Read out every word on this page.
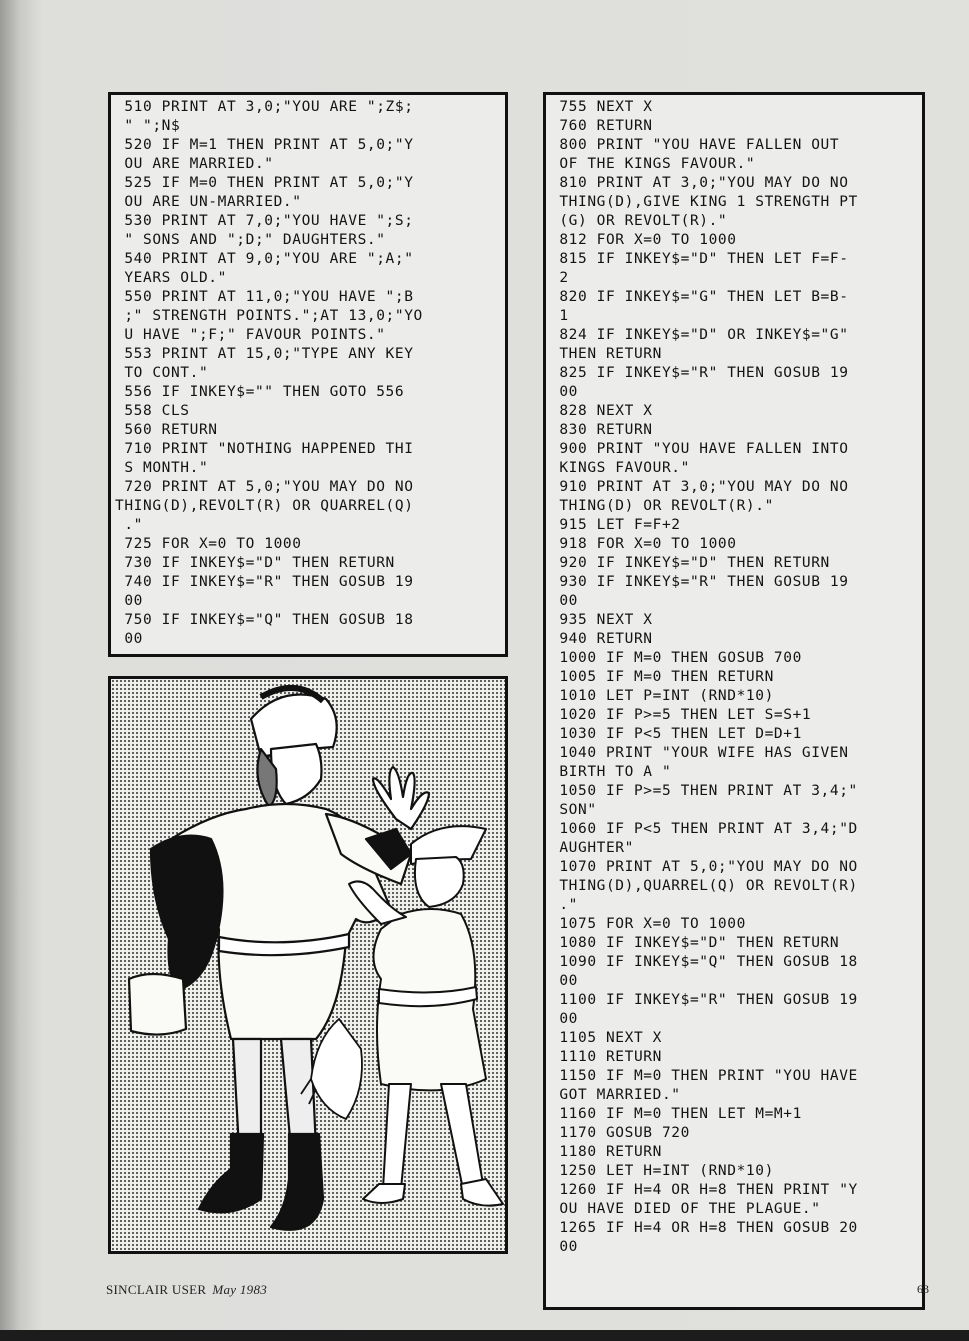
510 PRINT AT 3,0;"YOU ARE ";Z$;
" ";N$
520 IF M=1 THEN PRINT AT 5,0;"Y
OU ARE MARRIED."
525 IF M=0 THEN PRINT AT 5,0;"Y
OU ARE UN-MARRIED."
530 PRINT AT 7,0;"YOU HAVE ";S;
" SONS AND ";D;" DAUGHTERS."
540 PRINT AT 9,0;"YOU ARE ";A;"
YEARS OLD."
550 PRINT AT 11,0;"YOU HAVE ";B
;" STRENGTH POINTS.";AT 13,0;"YO
U HAVE ";F;" FAVOUR POINTS."
553 PRINT AT 15,0;"TYPE ANY KEY
TO CONT."
556 IF INKEY$="" THEN GOTO 556
558 CLS
560 RETURN
710 PRINT "NOTHING HAPPENED THI
S MONTH."
720 PRINT AT 5,0;"YOU MAY DO NO
THING(D),REVOLT(R) OR QUARREL(Q)
."
725 FOR X=0 TO 1000
730 IF INKEY$="D" THEN RETURN
740 IF INKEY$="R" THEN GOSUB 19
00
750 IF INKEY$="Q" THEN GOSUB 18
00
755 NEXT X
760 RETURN
800 PRINT "YOU HAVE FALLEN OUT
OF THE KINGS FAVOUR."
810 PRINT AT 3,0;"YOU MAY DO NO
THING(D),GIVE KING 1 STRENGTH PT
(G) OR REVOLT(R)."
812 FOR X=0 TO 1000
815 IF INKEY$="D" THEN LET F=F-
2
820 IF INKEY$="G" THEN LET B=B-
1
824 IF INKEY$="D" OR INKEY$="G"
THEN RETURN
825 IF INKEY$="R" THEN GOSUB 19
00
828 NEXT X
830 RETURN
900 PRINT "YOU HAVE FALLEN INTO
KINGS FAVOUR."
910 PRINT AT 3,0;"YOU MAY DO NO
THING(D) OR REVOLT(R)."
915 LET F=F+2
918 FOR X=0 TO 1000
920 IF INKEY$="D" THEN RETURN
930 IF INKEY$="R" THEN GOSUB 19
00
935 NEXT X
940 RETURN
1000 IF M=0 THEN GOSUB 700
1005 IF M=0 THEN RETURN
1010 LET P=INT (RND*10)
1020 IF P>=5 THEN LET S=S+1
1030 IF P<5 THEN LET D=D+1
1040 PRINT "YOUR WIFE HAS GIVEN
BIRTH TO A "
1050 IF P>=5 THEN PRINT AT 3,4;"
SON"
1060 IF P<5 THEN PRINT AT 3,4;"D
AUGHTER"
1070 PRINT AT 5,0;"YOU MAY DO NO
THING(D),QUARREL(Q) OR REVOLT(R)
."
1075 FOR X=0 TO 1000
1080 IF INKEY$="D" THEN RETURN
1090 IF INKEY$="Q" THEN GOSUB 18
00
1100 IF INKEY$="R" THEN GOSUB 19
00
1105 NEXT X
1110 RETURN
1150 IF M=0 THEN PRINT "YOU HAVE
GOT MARRIED."
1160 IF M=0 THEN LET M=M+1
1170 GOSUB 720
1180 RETURN
1250 LET H=INT (RND*10)
1260 IF H=4 OR H=8 THEN PRINT "Y
OU HAVE DIED OF THE PLAGUE."
1265 IF H=4 OR H=8 THEN GOSUB 20
00
SINCLAIR USER May 1983	63
